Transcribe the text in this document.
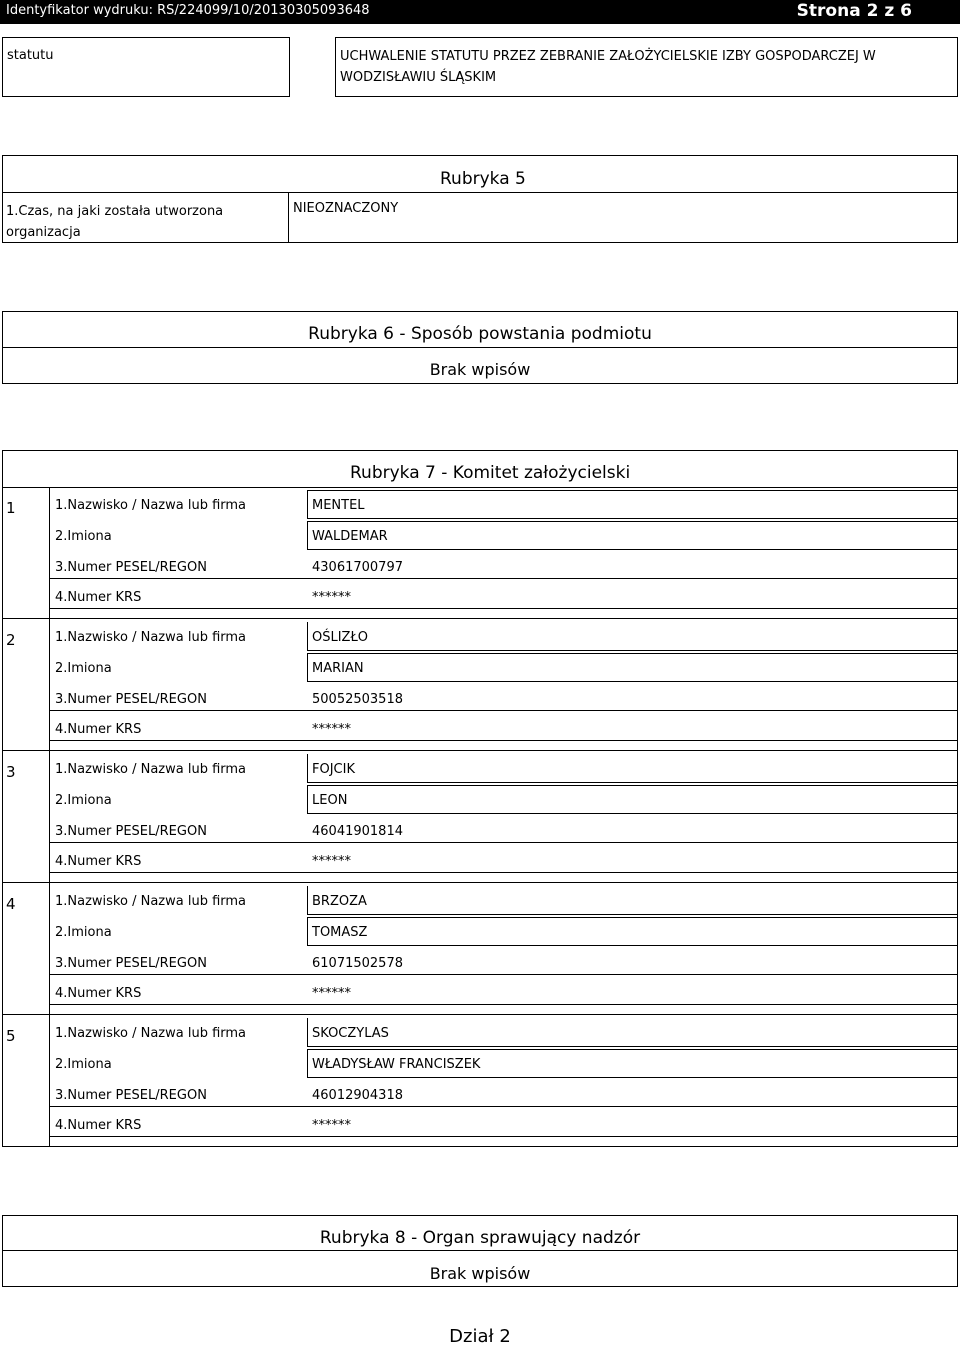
Identyfikator wydruku: RS/224099/10/20130305093648	Strona 2 z 6
statutu	UCHWALENIE STATUTU PRZEZ ZEBRANIE ZAŁOŻYCIELSKIE IZBY GOSPODARCZEJ W WODZISŁAWIU ŚLĄSKIM
Rubryka 5
1.Czas, na jaki została utworzona organizacja
NIEOZNACZONY
Rubryka 6 - Sposób powstania podmiotu
Brak wpisów
Rubryka 7 - Komitet założycielski
1	1.Nazwisko / Nazwa lub firma	MENTEL
2.Imiona	WALDEMAR
3.Numer PESEL/REGON	43061700797
4.Numer KRS	******
2	1.Nazwisko / Nazwa lub firma	OŚLIZŁO
2.Imiona	MARIAN
3.Numer PESEL/REGON	50052503518
4.Numer KRS	******
3	1.Nazwisko / Nazwa lub firma	FOJCIK
2.Imiona	LEON
3.Numer PESEL/REGON	46041901814
4.Numer KRS	******
4	1.Nazwisko / Nazwa lub firma	BRZOZA
2.Imiona	TOMASZ
3.Numer PESEL/REGON	61071502578
4.Numer KRS	******
5	1.Nazwisko / Nazwa lub firma	SKOCZYLAS
2.Imiona	WŁADYSŁAW FRANCISZEK
3.Numer PESEL/REGON	46012904318
4.Numer KRS	******
Rubryka 8 - Organ sprawujący nadzór
Brak wpisów
Dział 2
